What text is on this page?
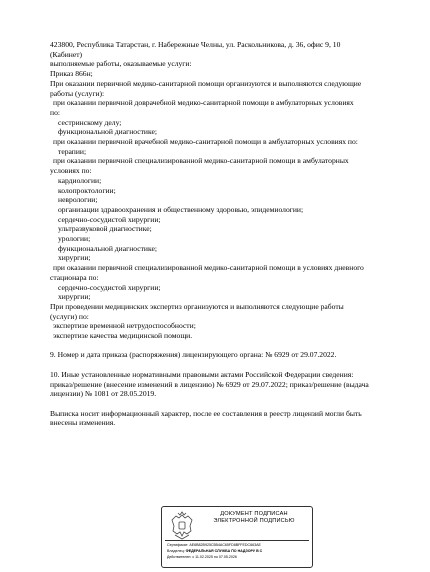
423800, Республика Татарстан, г. Набережные Челны, ул. Раскольникова, д. 36, офис 9, 10

(Кабинет)

выполняемые работы, оказываемые услуги:

Приказ 866н;

При оказании первичной медико-санитарной помощи организуются и выполняются следующие

работы (услуги):

при оказании первичной доврачебной медико-санитарной помощи в амбулаторных условиях

по:

сестринскому делу;

функциональной диагностике;

при оказании первичной врачебной медико-санитарной помощи в амбулаторных условиях по:

терапии;

при оказании первичной специализированной медико-санитарной помощи в амбулаторных

условиях по:

кардиологии;

колопроктологии;

неврологии;

организации здравоохранения и общественному здоровью, эпидемиологии;

сердечно-сосудистой хирургии;

ультразвуковой диагностике;

урологии;

функциональной диагностике;

хирургии;

при оказании первичной специализированной медико-санитарной помощи в условиях дневного

стационара по:

сердечно-сосудистой хирургии;

хирургии;

При проведении медицинских экспертиз организуются и выполняются следующие работы

(услуги) по:

экспертизе временной нетрудоспособности;

экспертизе качества медицинской помощи.

9. Номер и дата приказа (распоряжения) лицензирующего органа: № 6929 от 29.07.2022.

10. Иные установленные нормативными правовыми актами Российской Федерации сведения:

приказ/решение (внесение изменений в лицензию) № 6929 от 29.07.2022; приказ/решение (выдача

лицензии) № 1081 от 28.05.2019.

Выписка носит информационный характер, после ее составления в реестр лицензий могли быть

внесены изменения.

ДОКУМЕНТ ПОДПИСАН
ЭЛЕКТРОННОЙ ПОДПИСЬЮ
Сертификат: AE6B82B925C5B4AC65FD8BFFEDC663AE
Владелец: ФЕДЕРАЛЬНАЯ СЛУЖБА ПО НАДЗОРУ В С
Действителен: с 11.02.2025 по 07.05.2026
